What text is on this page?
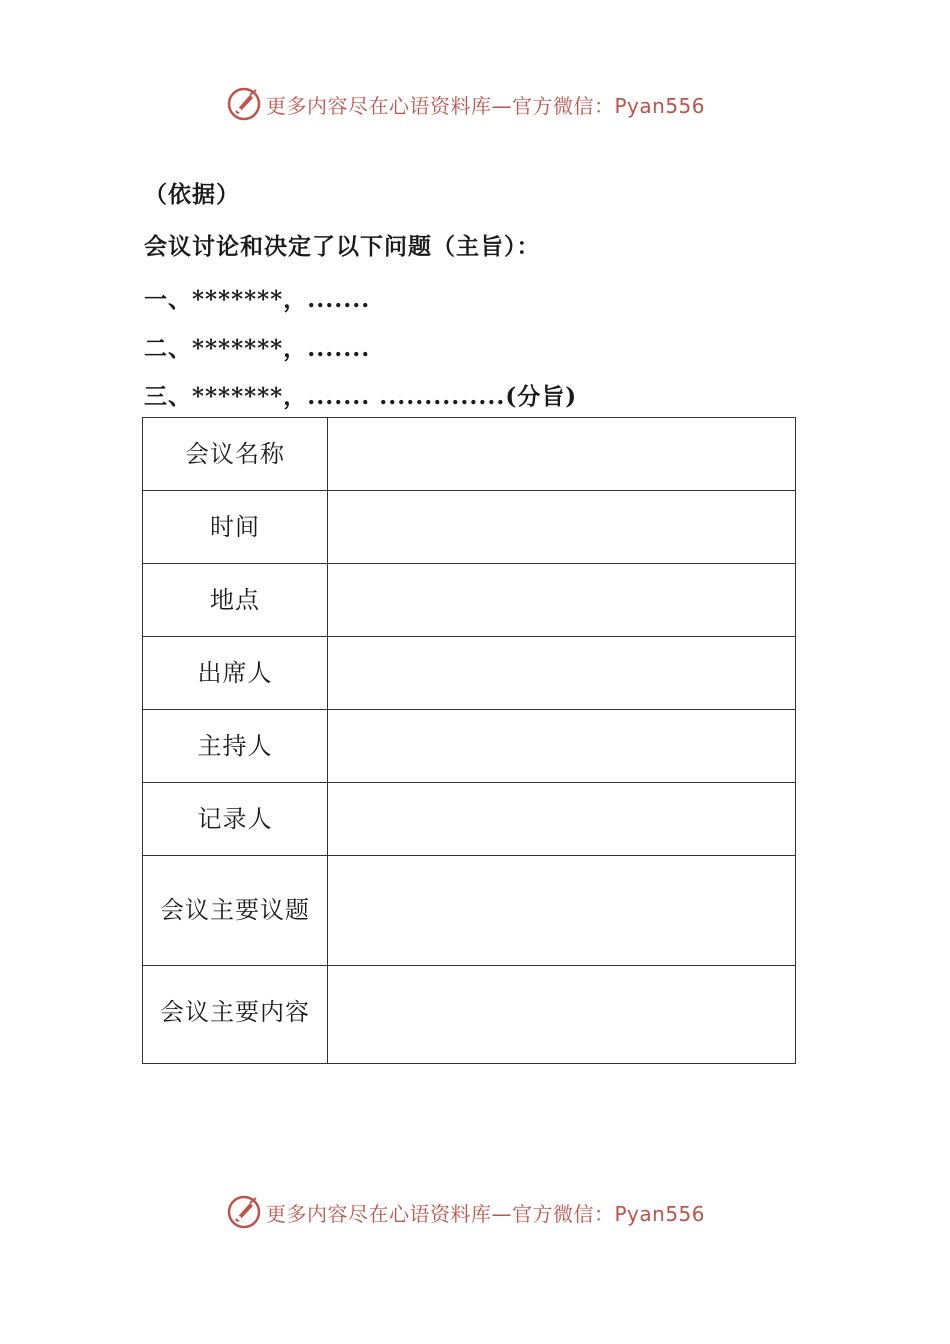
更多内容尽在心语资料库—官方微信：Pyan556
（依据）
会议讨论和决定了以下问题（主旨）：
一、*******，.......
二、*******，.......
三、*******，....... ..............(分旨)
会议名称	

时间	

地点	

出席人	

主持人	

记录人	

会议主要议题	

会议主要内容	

更多内容尽在心语资料库—官方微信：Pyan556
